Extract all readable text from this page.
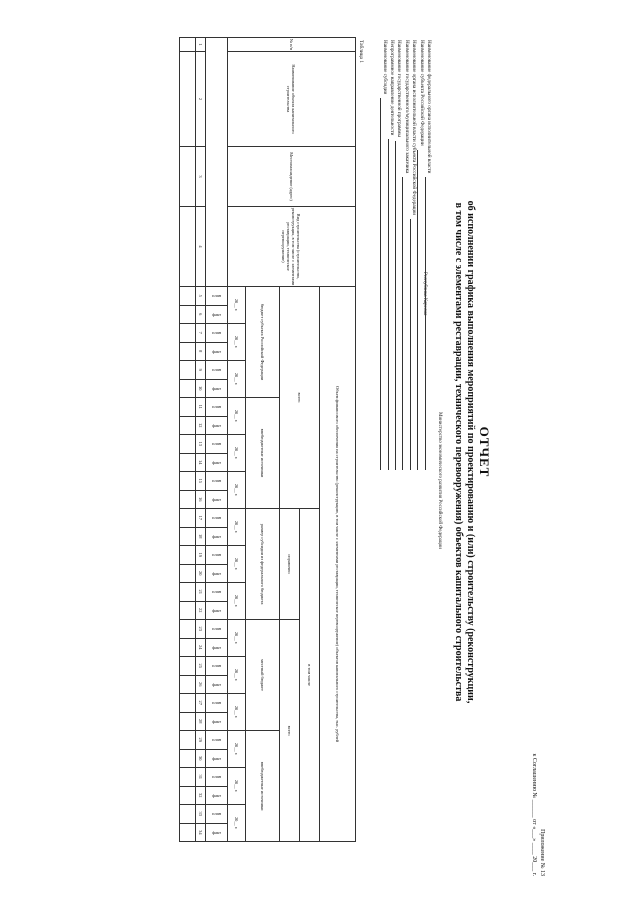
Приложение № 13
к Соглашению № ______ от «___» ____ 20___ г.
ОТЧЕТ
об исполнении графика выполнения мероприятий по проектированию и (или) строительству (реконструкции,
в том числе с элементами реставрации, технического перевооружения) объектов капитального строительства
Министерство экономического развития Российской Федерации
Республика Карелия
Наименование федерального органа исполнительной власти
Наименование субъекта Российской Федерации
Наименование органа исполнительной власти субъекта Российской Федерации
Наименование государственного/муниципального заказчика
Наименование государственной программы
Непрограммное направление деятельности
Наименование субсидии
Таблица 1
№ п/п	Наименование объекта капитального строительства	Местонахождение (адрес)	Вид строительства (строительство, реконструкция, в том числе с элементами реставрации, техническое перевооружение)	Объем финансового обеспечения на строительство (реконструкцию, в том числе с элементами реставрации, техническое перевооружение) объектов капитального строительства, тыс. рублей																													
				всего												в том числе																	
																справочно						всего											
				бюджет субъекта Российской Федерации						внебюджетные источники						размер субсидии из федерального бюджета						местный бюджет						внебюджетные источники					
				20__ г.		20__ г.		20__ г.		20__ г.		20__ г.		20__ г.		20__ г.		20__ г.		20__ г.		20__ г.		20__ г.		20__ г.		20__ г.		20__ г.		20__ г.	
				план	факт	план	факт	план	факт	план	факт	план	факт	план	факт	план	факт	план	факт	план	факт	план	факт	план	факт	план	факт	план	факт	план	факт	план	факт
1	2	3	4	5	6	7	8	9	10	11	12	13	14	15	16	17	18	19	20	21	22	23	24	25	26	27	28	29	30	31	32	33	34
